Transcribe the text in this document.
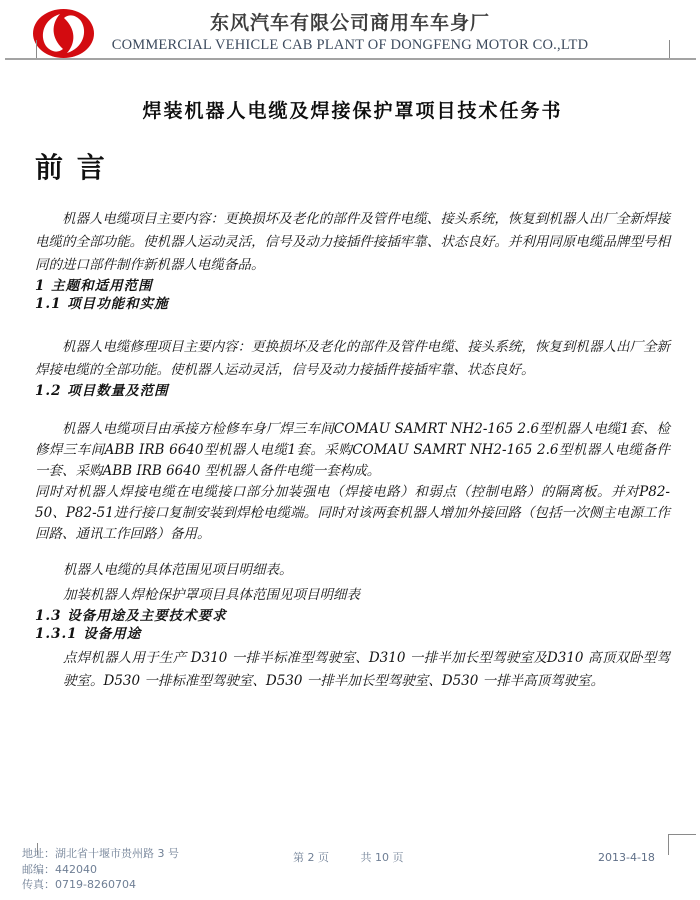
东风汽车有限公司商用车车身厂
COMMERCIAL VEHICLE CAB PLANT OF DONGFENG MOTOR CO.,LTD
焊装机器人电缆及焊接保护罩项目技术任务书
前 言

机器人电缆项目主要内容：更换损坏及老化的部件及管件电缆、接头系统，恢复到机器人出厂全新焊接电缆的全部功能。使机器人运动灵活，信号及动力接插件接插牢靠、状态良好。并利用同原电缆品牌型号相同的进口部件制作新机器人电缆备品。

1 主题和适用范围
1.1 项目功能和实施

机器人电缆修理项目主要内容：更换损坏及老化的部件及管件电缆、接头系统，恢复到机器人出厂全新焊接电缆的全部功能。使机器人运动灵活，信号及动力接插件接插牢靠、状态良好。

1.2 项目数量及范围

机器人电缆项目由承接方检修车身厂焊三车间COMAU SAMRT NH2-165 2.6型机器人电缆1套、检修焊三车间ABB IRB 6640型机器人电缆1套。采购COMAU SAMRT NH2-165 2.6型机器人电缆备件一套、采购ABB IRB 6640 型机器人备件电缆一套构成。

同时对机器人焊接电缆在电缆接口部分加装强电（焊接电路）和弱点（控制电路）的隔离板。并对P82-50、P82-51进行接口复制安装到焊枪电缆端。同时对该两套机器人增加外接回路（包括一次侧主电源工作回路、通讯工作回路）备用。

机器人电缆的具体范围见项目明细表。

加装机器人焊枪保护罩项目具体范围见项目明细表

1.3 设备用途及主要技术要求
1.3.1 设备用途

点焊机器人用于生产 D310 一排半标准型驾驶室、D310 一排半加长型驾驶室及D310 高顶双卧型驾驶室。D530 一排标准型驾驶室、D530 一排半加长型驾驶室、D530 一排半高顶驾驶室。

地址：湖北省十堰市贵州路 3 号
邮编：442040
传真：0719-8260704
第 2 页	共 10 页	2013-4-18
